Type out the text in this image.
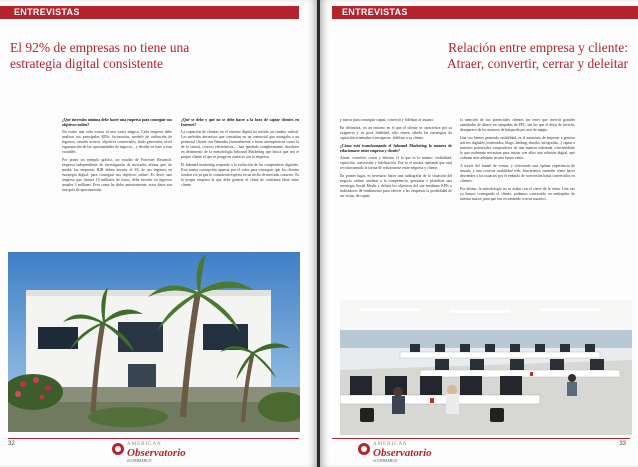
ENTREVISTAS
El 92% de empresas no tiene una estrategia digital consistente
¿Qué inversión mínima debe hacer una empresa para conseguir sus objetivos online?

No existe una cifra exacta ni una varita mágica. Cada empresa debe analizar sus principales KPIs: facturación, modelo de atribución de ingresos, canales activos, objetivos comerciales, leads generados, nivel organización de las oportunidades de negocio... y decidir en base a esas variables.

Por poner un ejemplo gráfico, un estudio de Forrester Research, empresa independiente de investigación de mercados afirma que, de media, las empresas B2B deben invertir el 3% de sus ingresos en estrategia digital, para conseguir sus objetivos online. Es decir, una empresa que factura 10 millones de euros, debe invertir en ingresos anuales 3 millones. Pero como he dicho anteriormente, estos datos son una guía de aproximación.

¿Qué se debe y qué no se debe hacer a la hora de captar clientes en Internet?

La captación de clientes en el entorno digital ha sufrido un cambio radical. Los métodos intrusivos que consistían en un comercial que atosigaba a un potencial cliente con llamadas (normalmente a horas intempestivas como la de la siesta), correos electrónicos,... han quedado completamente obsoletos en detrimento de la metodología Inbound Marketing que busca que sea el propio cliente el que se ponga en contacto con la empresa.

El Inbound marketing responde a la evolución de los compradores digitales. Esta nueva concepción apuesta por el valor para conseguir que los clientes acudan a ti ya que lo consideran experto en un nicho de mercado concreto. Es la propia empresa la que debe generar el clima de confianza ideal entre cliente

32	AMERICAN
Observatorio
eCOMMERCE
ENTREVISTAS
Relación entre empresa y cliente:
Atraer, convertir, cerrar y deleitar

y marca para conseguir captar, convertir y fidelizar al usuario.

En definitiva, en un entorno en el que el cliente se caracteriza por su exigencia y su poca fidelidad, sólo tienen cabida las estrategias de captación orientadas a enriquecer, fidelizar a su cliente.

¿Cómo está transformando el Inbound Marketing la manera de relacionarse entre empresa y cliente?

Atraer, convertir, cerrar y deleitar. O lo que es lo mismo: visibilidad, captación, conversión y fidelización. Ese es el modus operandi que está revolucionando la forma de relacionarse entre empresa y cliente.

En primer lugar, es necesario hacer una radiografía de la situación del negocio online: analizar a la competencia, gestionar y planificar una estrategia Social Media y definir los objetivos del site mediante KPIs o indicadores de rendimiento para ofrecer a las empresas la posibilidad de ser vistas, de captar

la atención de sus potenciales clientes sin tener que invertir grandes cantidades de dinero en campañas de PPC, sin las que el dejar de invertir, desaparece de los motores de búsqueda por arte de magia.

Una vez hemos generado visibilidad, es el momento de empezar a generar activos digitales (contenidos, blogs, landing, ebooks, infografías...) captar a nuestros potenciales compradores de una manera ordenada, ofreciéndoles lo que realmente necesitan para iniciar con ellos una relación digital, que culmine más adelante en una futura venta.

A través del funnel de ventas, y ofreciendo una óptima experiencia de usuario y una correcta usabilidad web, buscaremos entender cómo hacer descender a los usuarios por el embudo de conversión hasta convertirlos en clientes.

Por último, la metodología no se acaba con el cierre de la venta. Una vez ya hemos conseguido el cliente, podemos convertirlo en embajador de nuestra marca, para que nos recomiende a otros usuarios.

33
AMERICAN
Observatorio
eCOMMERCE
